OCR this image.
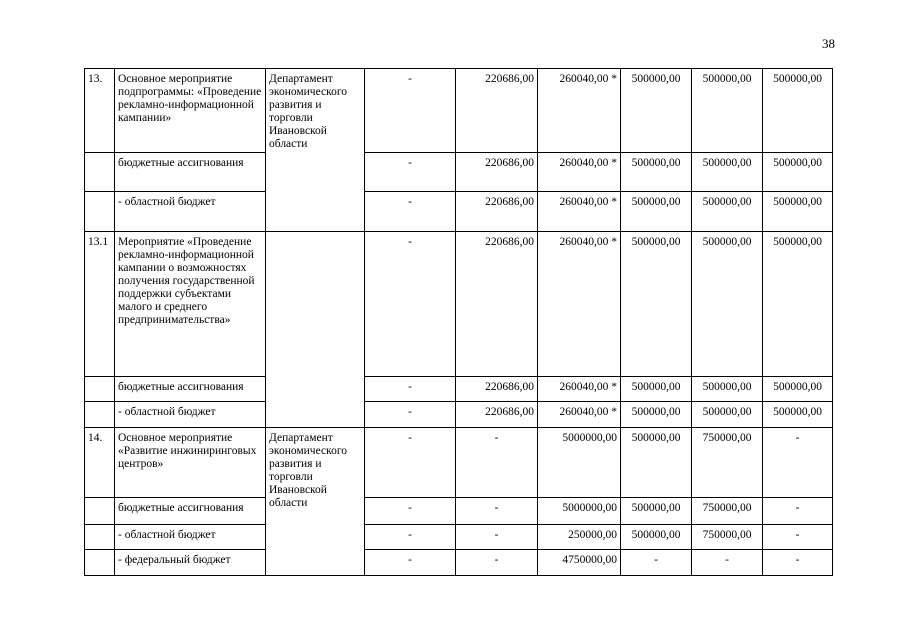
38
13.	Основное мероприятие подпрограммы: «Проведение рекламно-информационной кампании»	Департамент экономического развития и торговли Ивановской области	-	220686,00	260040,00 *	500000,00	500000,00	500000,00
	бюджетные ассигнования		-	220686,00	260040,00 *	500000,00	500000,00	500000,00
	- областной бюджет		-	220686,00	260040,00 *	500000,00	500000,00	500000,00
13.1	Мероприятие «Проведение рекламно-информационной кампании о возможностях получения государственной поддержки субъектами малого и среднего предпринимательства»		-	220686,00	260040,00 *	500000,00	500000,00	500000,00
	бюджетные ассигнования		-	220686,00	260040,00 *	500000,00	500000,00	500000,00
	- областной бюджет		-	220686,00	260040,00 *	500000,00	500000,00	500000,00
14.	Основное мероприятие «Развитие инжиниринговых центров»	Департамент экономического развития и торговли Ивановской области	-	-	5000000,00	500000,00	750000,00	-
	бюджетные ассигнования		-	-	5000000,00	500000,00	750000,00	-
	- областной бюджет		-	-	250000,00	500000,00	750000,00	-
	- федеральный бюджет		-	-	4750000,00	-	-	-
